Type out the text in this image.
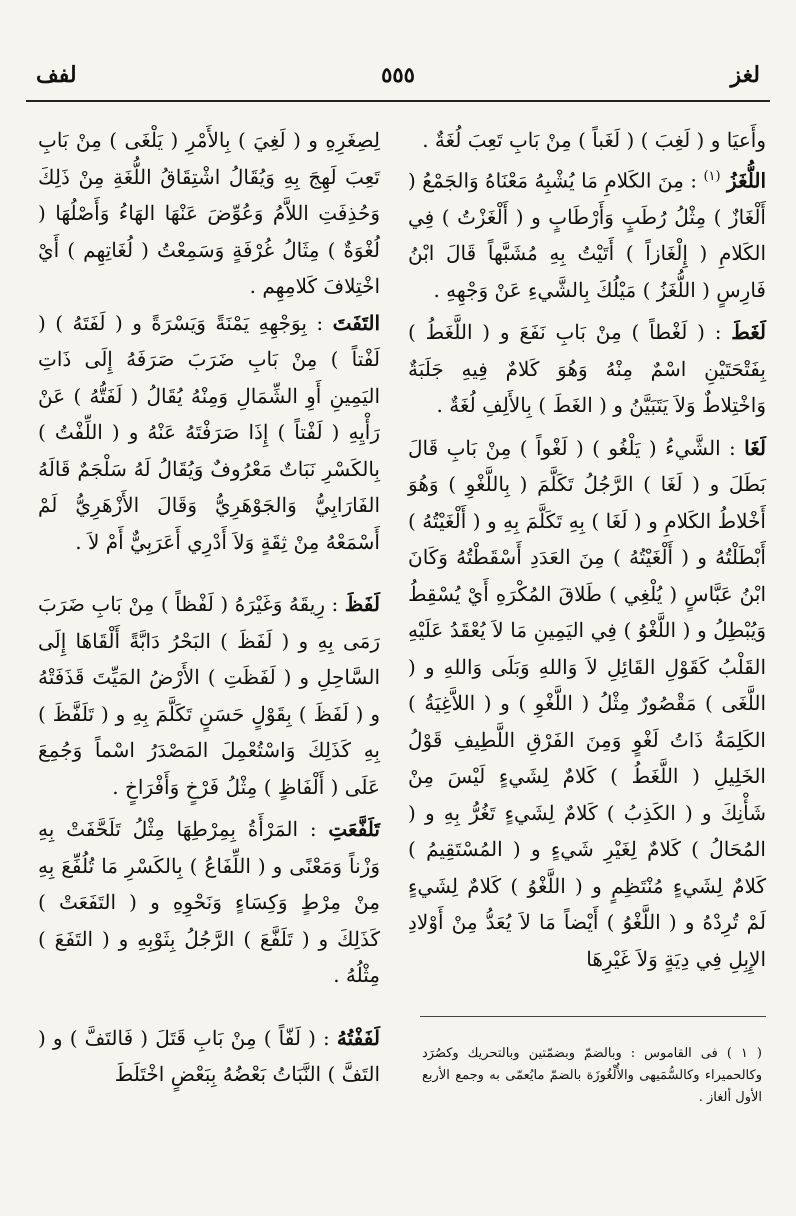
لغز
٥٥٥
لفف

وأَعيَا و ( لَغِبَ ) ( لَغَباً ) مِنْ بَابِ تَعِبَ لُغَةٌ .

اللُّغَزُ $^{(١)}$ : مِنَ الكَلامِ مَا يُشْبِهُ مَعْنَاهُ وَالجَمْعُ ( أَلْغَازٌ ) مِثْلُ رُطَبٍ وَأَرْطَابٍ و ( أَلْغَزْتُ ) فِي الكَلامِ ( إِلْغَازاً ) أَتَيْتُ بِهِ مُشَبَّهاً قَالَ ابْنُ فَارِسٍ ( اللُّغَزُ ) مَيْلُكَ بِالشَّيءِ عَنْ وَجْهِهِ .

لَغَطَ : ( لَغْطاً ) مِنْ بَابِ نَفَعَ و ( اللَّغَطُ ) بِفَتْحَتَيْنِ اسْمٌ مِنْهُ وَهُوَ كَلامٌ فِيهِ جَلَبَةٌ وَاخْتِلاطٌ وَلاَ يَتَبَيَّنُ و ( الغَطَ ) بِالأَلِفِ لُغَةٌ .

لَغَا : الشَّيءُ ( يَلْغُو ) ( لَغْواً ) مِنْ بَابِ قَالَ بَطَلَ و ( لَغَا ) الرَّجُلُ تَكَلَّمَ ( بِاللَّغْوِ ) وَهُوَ أَخْلاطُ الكَلامِ و ( لَغَا ) بِهِ تَكَلَّمَ بِهِ و ( أَلْغَيْتُهُ ) أَبْطَلْتُهُ و ( أَلْغَيْتُهُ ) مِنَ العَدَدِ أَسْقَطْتُهُ وَكَانَ ابْنُ عَبَّاسٍ ( يُلْغِي ) طَلاقَ المُكْرَهِ أَيْ يُسْقِطُ وَيُبْطِلُ و ( اللَّغْوُ ) فِي اليَمِينِ مَا لاَ يُعْقَدُ عَلَيْهِ القَلْبُ كَقَوْلِ القَائِلِ لاَ وَاللهِ وَبَلَى وَاللهِ و ( اللَّغَى ) مَقْصُورٌ مِثْلُ ( اللَّغْوِ ) و ( اللاَّغِيَةُ ) الكَلِمَةُ ذَاتُ لَغْوٍ وَمِنَ الفَرْقِ اللَّطِيفِ قَوْلُ الخَلِيلِ ( اللَّغَطُ ) كَلامٌ لِشَيءٍ لَيْسَ مِنْ شَأْنِكَ و ( الكَذِبُ ) كَلامٌ لِشَيءٍ تَغُرُّ بِهِ و ( المُحَالُ ) كَلامٌ لِغَيْرِ شَيءٍ و ( المُسْتَقِيمُ ) كَلامٌ لِشَيءٍ مُنْتَظِمٍ و ( اللَّغْوُ ) كَلامٌ لِشَيءٍ لَمْ تُرِدْهُ و ( اللَّغْوُ ) أَيْضاً مَا لاَ يُعَدُّ مِنْ أَوْلادِ الإِبِلِ فِي دِيَةٍ وَلاَ غَيْرِهَا

لِصِغَرِهِ و ( لَغِيَ ) بِالأَمْرِ ( يَلْغَى ) مِنْ بَابِ تَعِبَ لَهِجَ بِهِ وَيُقَالُ اشْتِقَاقُ اللُّغَةِ مِنْ ذَلِكَ وَحُذِفَتِ اللاَّمُ وَعُوِّضَ عَنْهَا الهَاءُ وَأَصْلُهَا ( لُغْوَةٌ ) مِثَالُ غُرْفَةٍ وَسَمِعْتُ ( لُغَاتِهِم ) أَيْ اخْتِلافَ كَلامِهِم .

التَفَتَ : بِوَجْهِهِ يَمْنَةً وَيَسْرَةً و ( لَفَتَهُ ) ( لَفْتاً ) مِنْ بَابِ ضَرَبَ صَرَفَهُ إِلَى ذَاتِ اليَمِينِ أَوِ الشِّمَالِ وَمِنْهُ يُقَالُ ( لَفَتُّهُ ) عَنْ رَأْيِهِ ( لَفْتاً ) إِذَا صَرَفْتَهُ عَنْهُ و ( اللِّفْتُ ) بِالكَسْرِ نَبَاتٌ مَعْرُوفٌ وَيُقَالُ لَهُ سَلْجَمٌ قَالَهُ الفَارَابِيُّ وَالجَوْهَرِيُّ وَقَالَ الأَزْهَرِيُّ لَمْ أَسْمَعْهُ مِنْ ثِقَةٍ وَلاَ أَدْرِي أَعَرَبِيٌّ أَمْ لاَ .

لَفَظَ : رِيقَهُ وَغَيْرَهُ ( لَفْظاً ) مِنْ بَابِ ضَرَبَ رَمَى بِهِ و ( لَفَظَ ) البَحْرُ دَابَّةً أَلْقَاهَا إِلَى السَّاحِلِ و ( لَفَظَتِ ) الأَرْضُ المَيِّتَ قَذَفَتْهُ و ( لَفَظَ ) بِقَوْلٍ حَسَنٍ تَكَلَّمَ بِهِ و ( تَلَفَّظَ ) بِهِ كَذَلِكَ وَاسْتُعْمِلَ المَصْدَرُ اسْماً وَجُمِعَ عَلَى ( أَلْفَاظٍ ) مِثْلُ فَرْخٍ وَأَفْرَاخٍ .

تَلَفَّعَتِ : المَرْأَةُ بِمِرْطِهَا مِثْلُ تَلَحَّفَتْ بِهِ وَزْناً وَمَعْنًى و ( اللِّفَاعُ ) بِالكَسْرِ مَا تُلُفِّعَ بِهِ مِنْ مِرْطٍ وَكِسَاءٍ وَنَحْوِهِ و ( التَفَعَتْ ) كَذَلِكَ و ( تَلَفَّعَ ) الرَّجُلُ بِثَوْبِهِ و ( التَفَعَ ) مِثْلُهُ .

لَفَفْتُهُ : ( لَفّاً ) مِنْ بَابِ قَتَلَ ( فَالتَفَّ ) و ( التَفَّ ) النَّبَاتُ بَعْضُهُ بِبَعْضٍ اخْتَلَطَ

( ١ ) فى القاموس : وبالضمّ وبضمّتين وبالتحريك وكصُرَد وكالحميراء وكالسُّمَيهى والأُلْغُوزَة بالضمّ مايُعمّى به وجمع الأربع الأول ألغاز .
